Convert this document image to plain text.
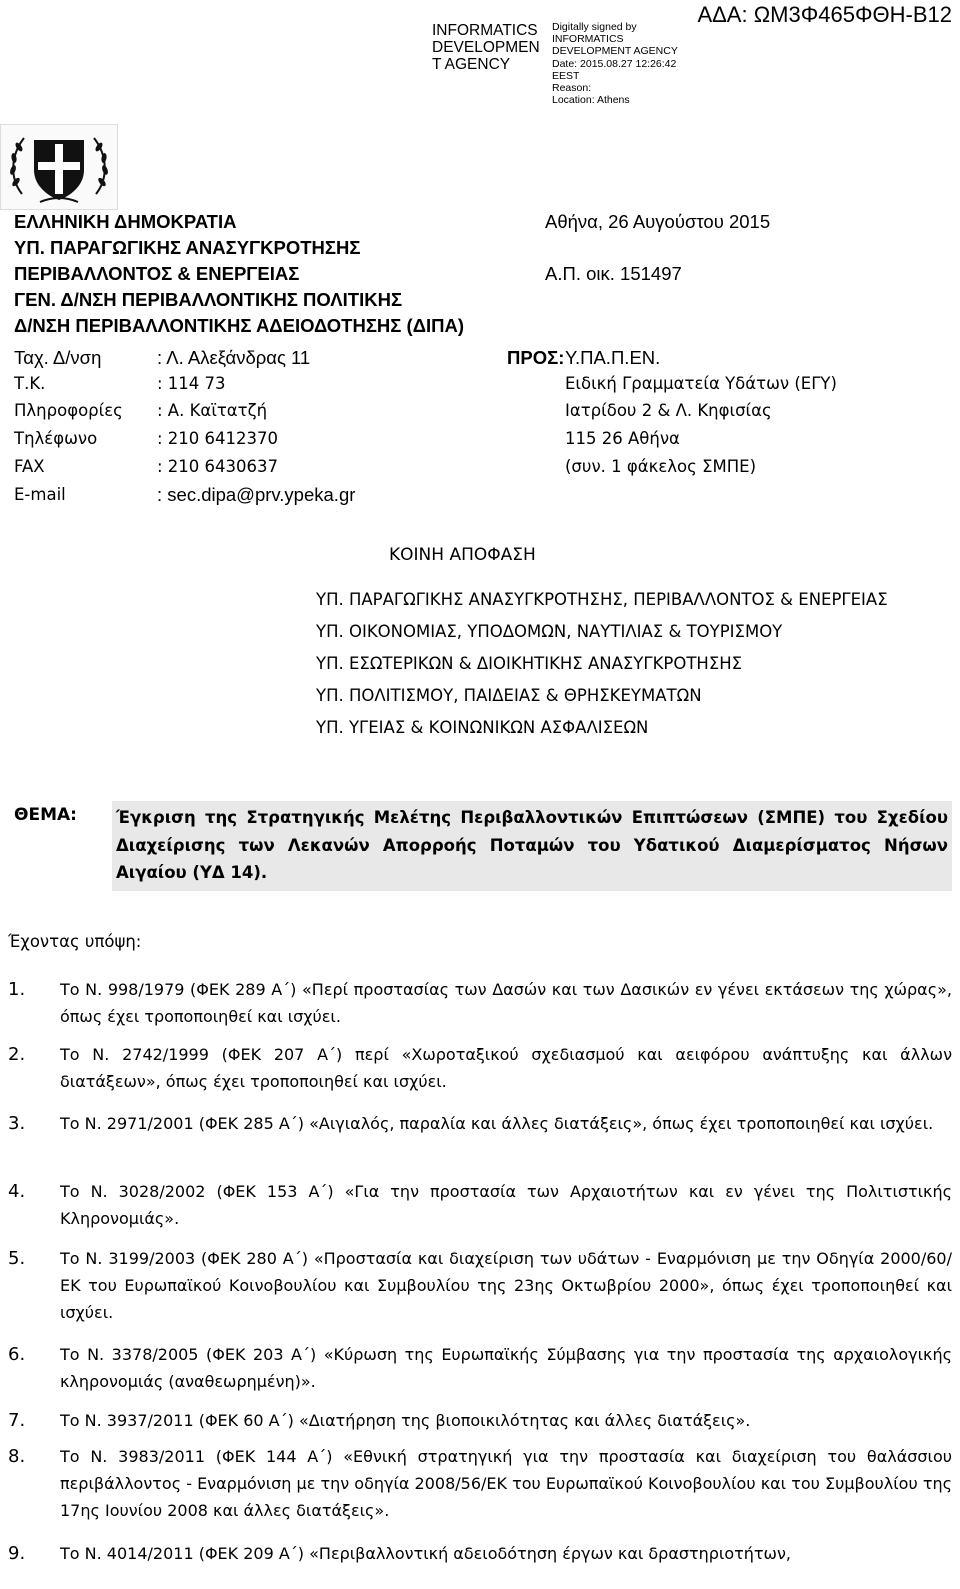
INFORMATICS
DEVELOPMEN
T AGENCY
Digitally signed by
INFORMATICS
DEVELOPMENT AGENCY
Date: 2015.08.27 12:26:42
EEST
Reason:
Location: Athens
ΑΔΑ: ΩΜ3Φ465ΦΘΗ-Β12
ΕΛΛΗΝΙΚΗ ΔΗΜΟΚΡΑΤΙΑ
ΥΠ. ΠΑΡΑΓΩΓΙΚΗΣ ΑΝΑΣΥΓΚΡΟΤΗΣΗΣ
ΠΕΡΙΒΑΛΛΟΝΤΟΣ & ΕΝΕΡΓΕΙΑΣ
ΓΕΝ. Δ/ΝΣΗ ΠΕΡΙΒΑΛΛΟΝΤΙΚΗΣ ΠΟΛΙΤΙΚΗΣ
Δ/ΝΣΗ ΠΕΡΙΒΑΛΛΟΝΤΙΚΗΣ ΑΔΕΙΟΔΟΤΗΣΗΣ (ΔΙΠΑ)
Αθήνα, 26 Αυγούστου 2015
Α.Π. οικ. 151497
Ταχ. Δ/νση	: Λ. Αλεξάνδρας 11
Τ.Κ.	: 114 73
Πληροφορίες : Α. Καϊτατζή
Τηλέφωνο	: 210 6412370
FAX	: 210 6430637
E-mail	: sec.dipa@prv.ypeka.gr
ΠΡΟΣ: Υ.ΠΑ.Π.ΕΝ.
Ειδική Γραμματεία Υδάτων (ΕΓΥ)
Ιατρίδου 2 & Λ. Κηφισίας
115 26 Αθήνα
(συν. 1 φάκελος ΣΜΠΕ)
ΚΟΙΝΗ ΑΠΟΦΑΣΗ
ΥΠ. ΠΑΡΑΓΩΓΙΚΗΣ ΑΝΑΣΥΓΚΡΟΤΗΣΗΣ, ΠΕΡΙΒΑΛΛΟΝΤΟΣ & ΕΝΕΡΓΕΙΑΣ
ΥΠ. ΟΙΚΟΝΟΜΙΑΣ, ΥΠΟΔΟΜΩΝ, ΝΑΥΤΙΛΙΑΣ & ΤΟΥΡΙΣΜΟΥ
ΥΠ. ΕΣΩΤΕΡΙΚΩΝ & ΔΙΟΙΚΗΤΙΚΗΣ ΑΝΑΣΥΓΚΡΟΤΗΣΗΣ
ΥΠ. ΠΟΛΙΤΙΣΜΟΥ, ΠΑΙΔΕΙΑΣ & ΘΡΗΣΚΕΥΜΑΤΩΝ
ΥΠ. ΥΓΕΙΑΣ & ΚΟΙΝΩΝΙΚΩΝ ΑΣΦΑΛΙΣΕΩΝ
ΘΕΜΑ: Έγκριση της Στρατηγικής Μελέτης Περιβαλλοντικών Επιπτώσεων (ΣΜΠΕ) του Σχεδίου Διαχείρισης των Λεκανών Απορροής Ποταμών του Υδατικού Διαμερίσματος Νήσων Αιγαίου (ΥΔ 14).
Έχοντας υπόψη:
1. Το Ν. 998/1979 (ΦΕΚ 289 Α΄) «Περί προστασίας των Δασών και των Δασικών εν γένει εκτάσεων της χώρας», όπως έχει τροποποιηθεί και ισχύει.
2. Το Ν. 2742/1999 (ΦΕΚ 207 Α΄) περί «Χωροταξικού σχεδιασμού και αειφόρου ανάπτυξης και άλλων διατάξεων», όπως έχει τροποποιηθεί και ισχύει.
3. Το Ν. 2971/2001 (ΦΕΚ 285 Α΄) «Αιγιαλός, παραλία και άλλες διατάξεις», όπως έχει τροποποιηθεί και ισχύει.
4. Το Ν. 3028/2002 (ΦΕΚ 153 Α΄) «Για την προστασία των Αρχαιοτήτων και εν γένει της Πολιτιστικής Κληρονομιάς».
5. Το Ν. 3199/2003 (ΦΕΚ 280 Α΄) «Προστασία και διαχείριση των υδάτων - Εναρμόνιση με την Οδηγία 2000/60/ΕΚ του Ευρωπαϊκού Κοινοβουλίου και Συμβουλίου της 23ης Οκτωβρίου 2000», όπως έχει τροποποιηθεί και ισχύει.
6. Το Ν. 3378/2005 (ΦΕΚ 203 Α΄) «Κύρωση της Ευρωπαϊκής Σύμβασης για την προστασία της αρχαιολογικής κληρονομιάς (αναθεωρημένη)».
7. Το Ν. 3937/2011 (ΦΕΚ 60 Α΄) «Διατήρηση της βιοποικιλότητας και άλλες διατάξεις».
8. Το Ν. 3983/2011 (ΦΕΚ 144 Α΄) «Εθνική στρατηγική για την προστασία και διαχείριση του θαλάσσιου περιβάλλοντος - Εναρμόνιση με την οδηγία 2008/56/ΕΚ του Ευρωπαϊκού Κοινοβουλίου και του Συμβουλίου της 17ης Ιουνίου 2008 και άλλες διατάξεις».
9. Το Ν. 4014/2011 (ΦΕΚ 209 Α΄) «Περιβαλλοντική αδειοδότηση έργων και δραστηριοτήτων,
